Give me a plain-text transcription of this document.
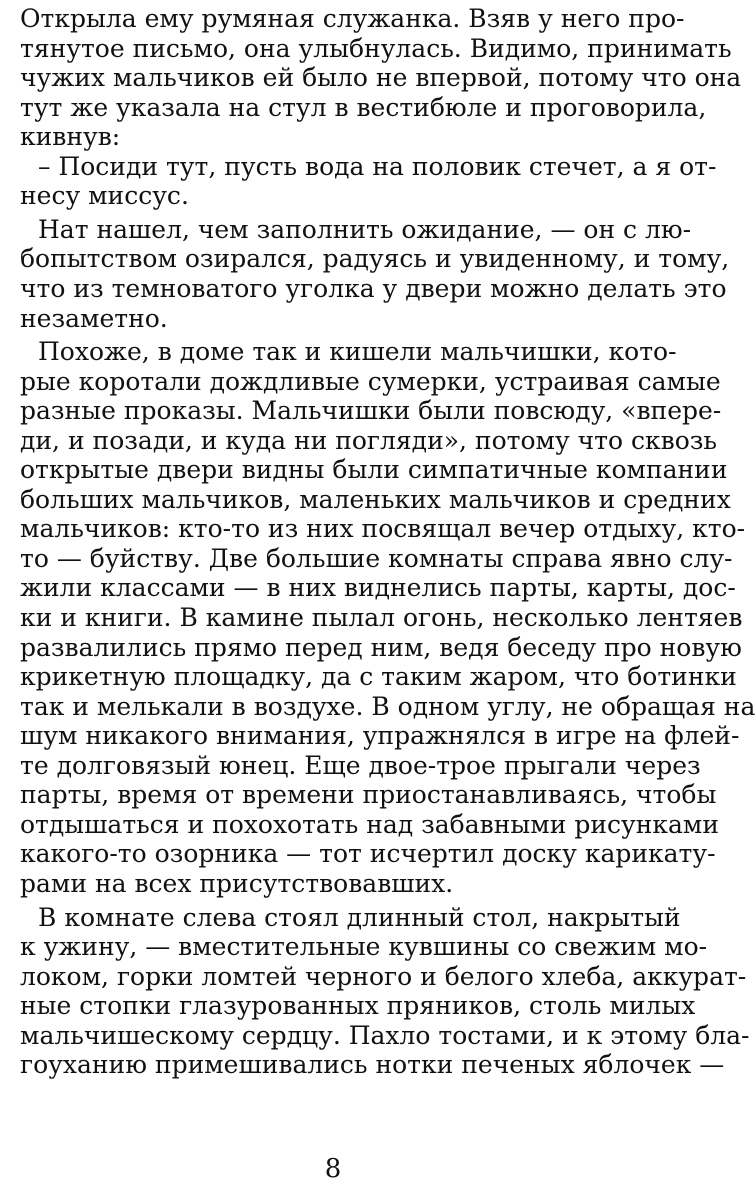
Открыла ему румяная служанка. Взяв у него про-
тянутое письмо, она улыбнулась. Видимо, принимать
чужих мальчиков ей было не впервой, потому что она
тут же указала на стул в вестибюле и проговорила,
кивнув:
– Посиди тут, пусть вода на половик стечет, а я от-
несу миссус.
Нат нашел, чем заполнить ожидание, — он с лю-
бопытством озирался, радуясь и увиденному, и тому,
что из темноватого уголка у двери можно делать это
незаметно.
Похоже, в доме так и кишели мальчишки, кото-
рые коротали дождливые сумерки, устраивая самые
разные проказы. Мальчишки были повсюду, «впере-
ди, и позади, и куда ни погляди», потому что сквозь
открытые двери видны были симпатичные компании
больших мальчиков, маленьких мальчиков и средних
мальчиков: кто-то из них посвящал вечер отдыху, кто-
то — буйству. Две большие комнаты справа явно слу-
жили классами — в них виднелись парты, карты, дос-
ки и книги. В камине пылал огонь, несколько лентяев
развалились прямо перед ним, ведя беседу про новую
крикетную площадку, да с таким жаром, что ботинки
так и мелькали в воздухе. В одном углу, не обращая на
шум никакого внимания, упражнялся в игре на флей-
те долговязый юнец. Еще двое-трое прыгали через
парты, время от времени приостанавливаясь, чтобы
отдышаться и похохотать над забавными рисунками
какого-то озорника — тот исчертил доску карикату-
рами на всех присутствовавших.
В комнате слева стоял длинный стол, накрытый
к ужину, — вместительные кувшины со свежим мо-
локом, горки ломтей черного и белого хлеба, аккурат-
ные стопки глазурованных пряников, столь милых
мальчишескому сердцу. Пахло тостами, и к этому бла-
гоуханию примешивались нотки печеных яблочек —
8
